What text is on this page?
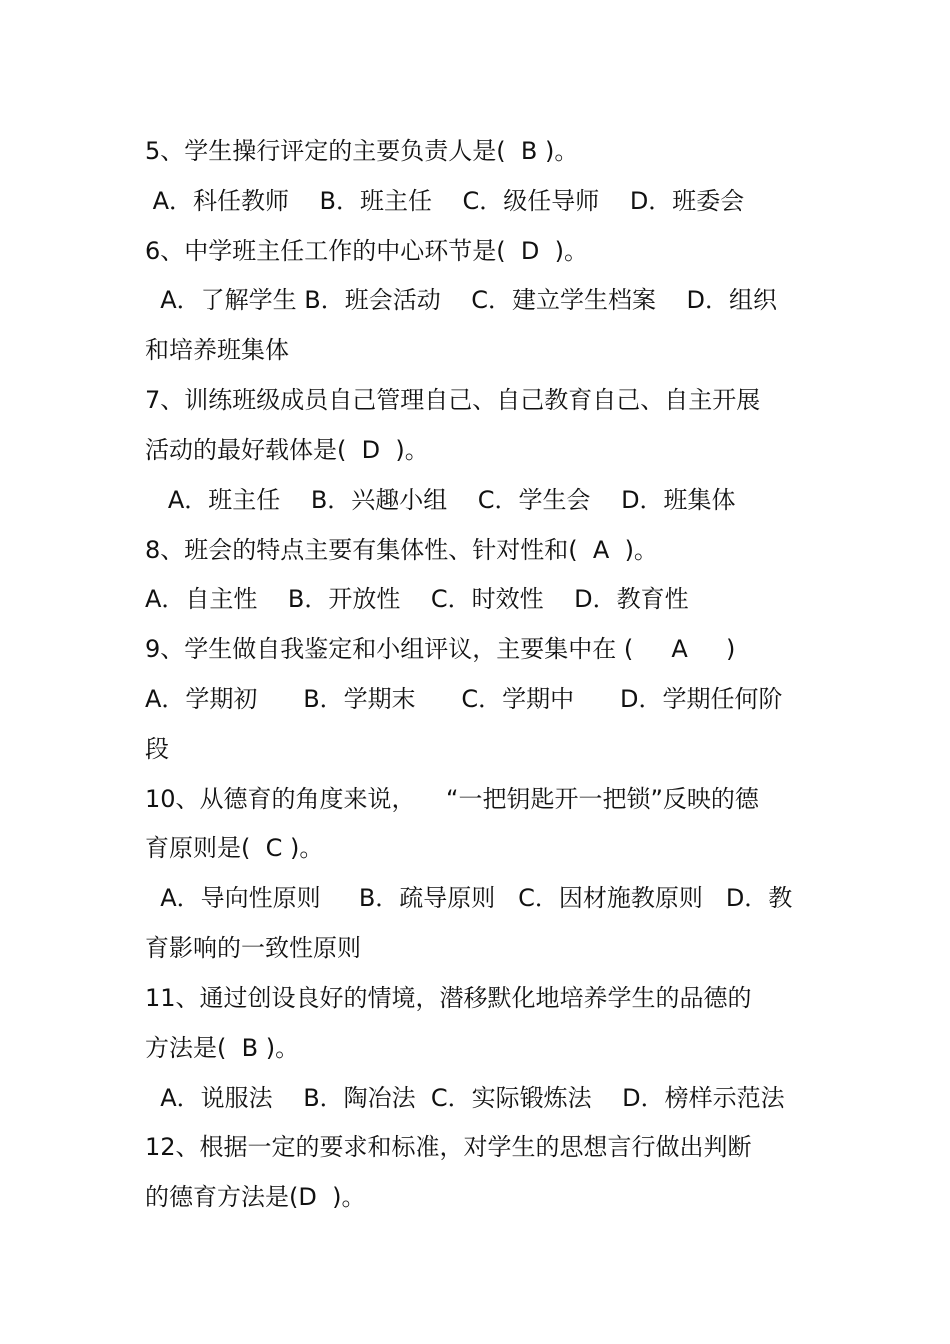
5、学生操行评定的主要负责人是(  B )。
A．科任教师    B．班主任    C．级任导师    D．班委会
6、中学班主任工作的中心环节是(  D  )。
A．了解学生 B．班会活动    C．建立学生档案    D．组织
和培养班集体
7、训练班级成员自己管理自己、自己教育自己、自主开展
活动的最好载体是(  D  )。
A．班主任    B．兴趣小组    C．学生会    D．班集体
8、班会的特点主要有集体性、针对性和(  A  )。
A．自主性    B．开放性    C．时效性    D．教育性
9、学生做自我鉴定和小组评议，主要集中在 (     A     )
A．学期初      B．学期末      C．学期中      D．学期任何阶
段
10、从德育的角度来说，    “一把钥匙开一把锁”反映的德
育原则是(  C )。
A．导向性原则     B．疏导原则   C．因材施教原则   D．教
育影响的一致性原则
11、通过创设良好的情境，潜移默化地培养学生的品德的
方法是(  B )。
A．说服法    B．陶冶法  C．实际锻炼法    D．榜样示范法
12、根据一定的要求和标准，对学生的思想言行做出判断
的德育方法是(D  )。
